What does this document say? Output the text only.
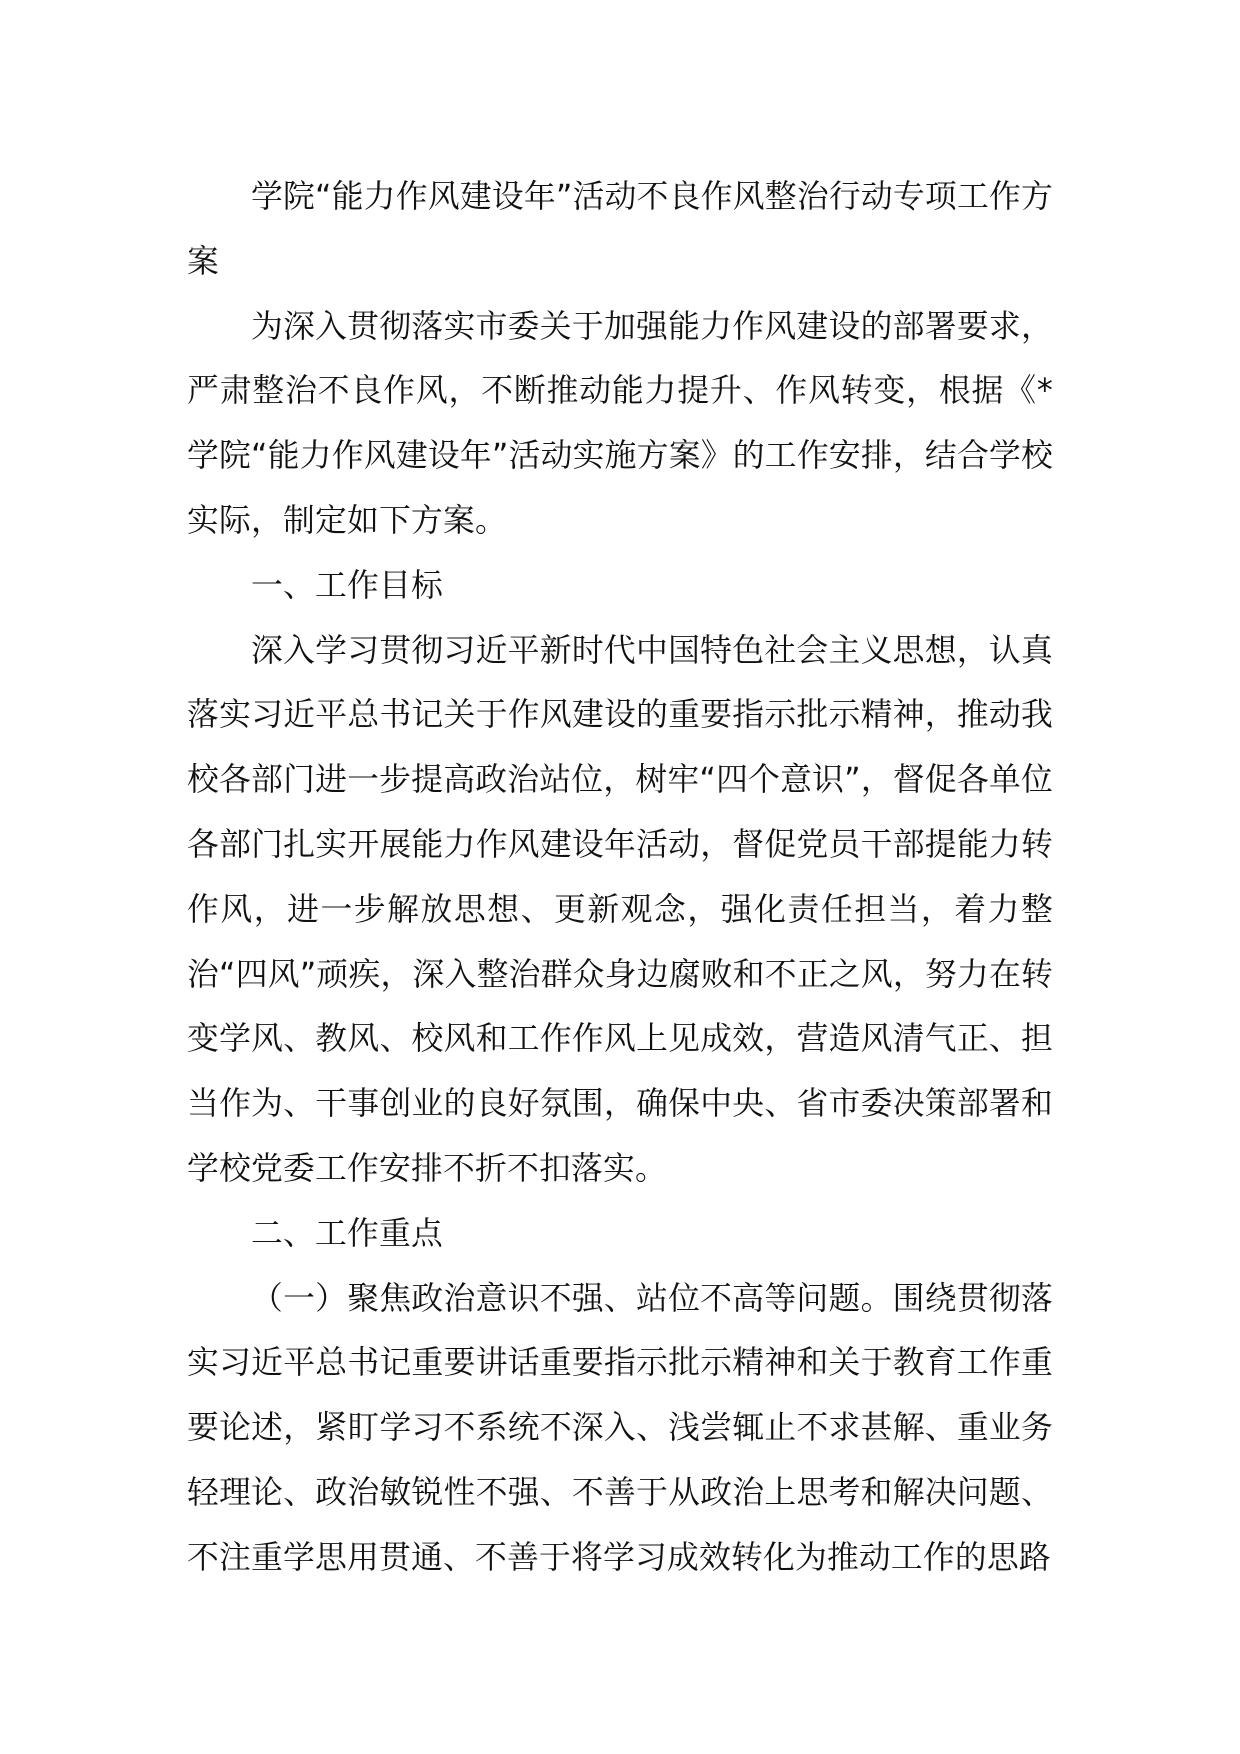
学院“能力作风建设年”活动不良作风整治行动专项工作方案

为深入贯彻落实市委关于加强能力作风建设的部署要求，严肃整治不良作风，不断推动能力提升、作风转变，根据《*学院“能力作风建设年”活动实施方案》的工作安排，结合学校实际，制定如下方案。

一、工作目标

深入学习贯彻习近平新时代中国特色社会主义思想，认真落实习近平总书记关于作风建设的重要指示批示精神，推动我校各部门进一步提高政治站位，树牢“四个意识”，督促各单位各部门扎实开展能力作风建设年活动，督促党员干部提能力转作风，进一步解放思想、更新观念，强化责任担当，着力整治“四风”顽疾，深入整治群众身边腐败和不正之风，努力在转变学风、教风、校风和工作作风上见成效，营造风清气正、担当作为、干事创业的良好氛围，确保中央、省市委决策部署和学校党委工作安排不折不扣落实。

二、工作重点

（一）聚焦政治意识不强、站位不高等问题。围绕贯彻落实习近平总书记重要讲话重要指示批示精神和关于教育工作重要论述，紧盯学习不系统不深入、浅尝辄止不求甚解、重业务轻理论、政治敏锐性不强、不善于从政治上思考和解决问题、不注重学思用贯通、不善于将学习成效转化为推动工作的思路
